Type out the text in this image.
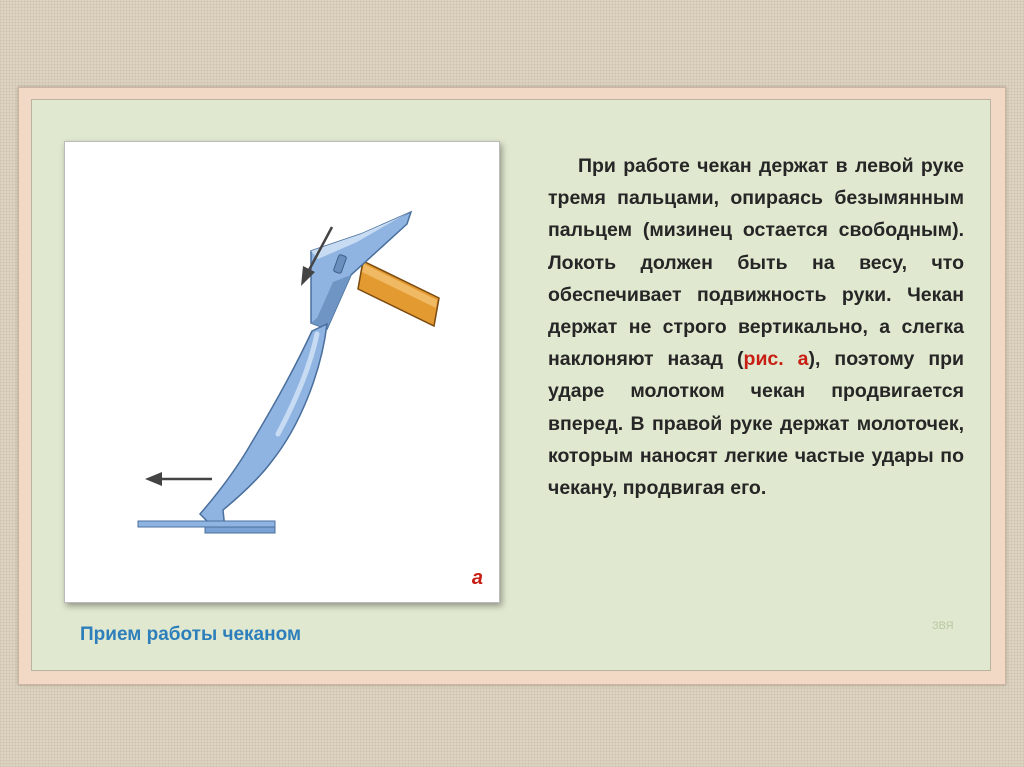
а

При работе чекан держат в левой руке тремя пальцами, опираясь безымянным пальцем (мизинец остается свободным). Локоть должен быть на весу, что обеспечивает подвижность руки. Чекан держат не строго вертикально, а слегка наклоняют назад (рис. а), поэтому при ударе молотком чекан продвигается вперед. В правой руке держат молоточек, которым наносят легкие частые удары по чекану, продвигая его.

Прием работы чеканом	ЗВЯ
